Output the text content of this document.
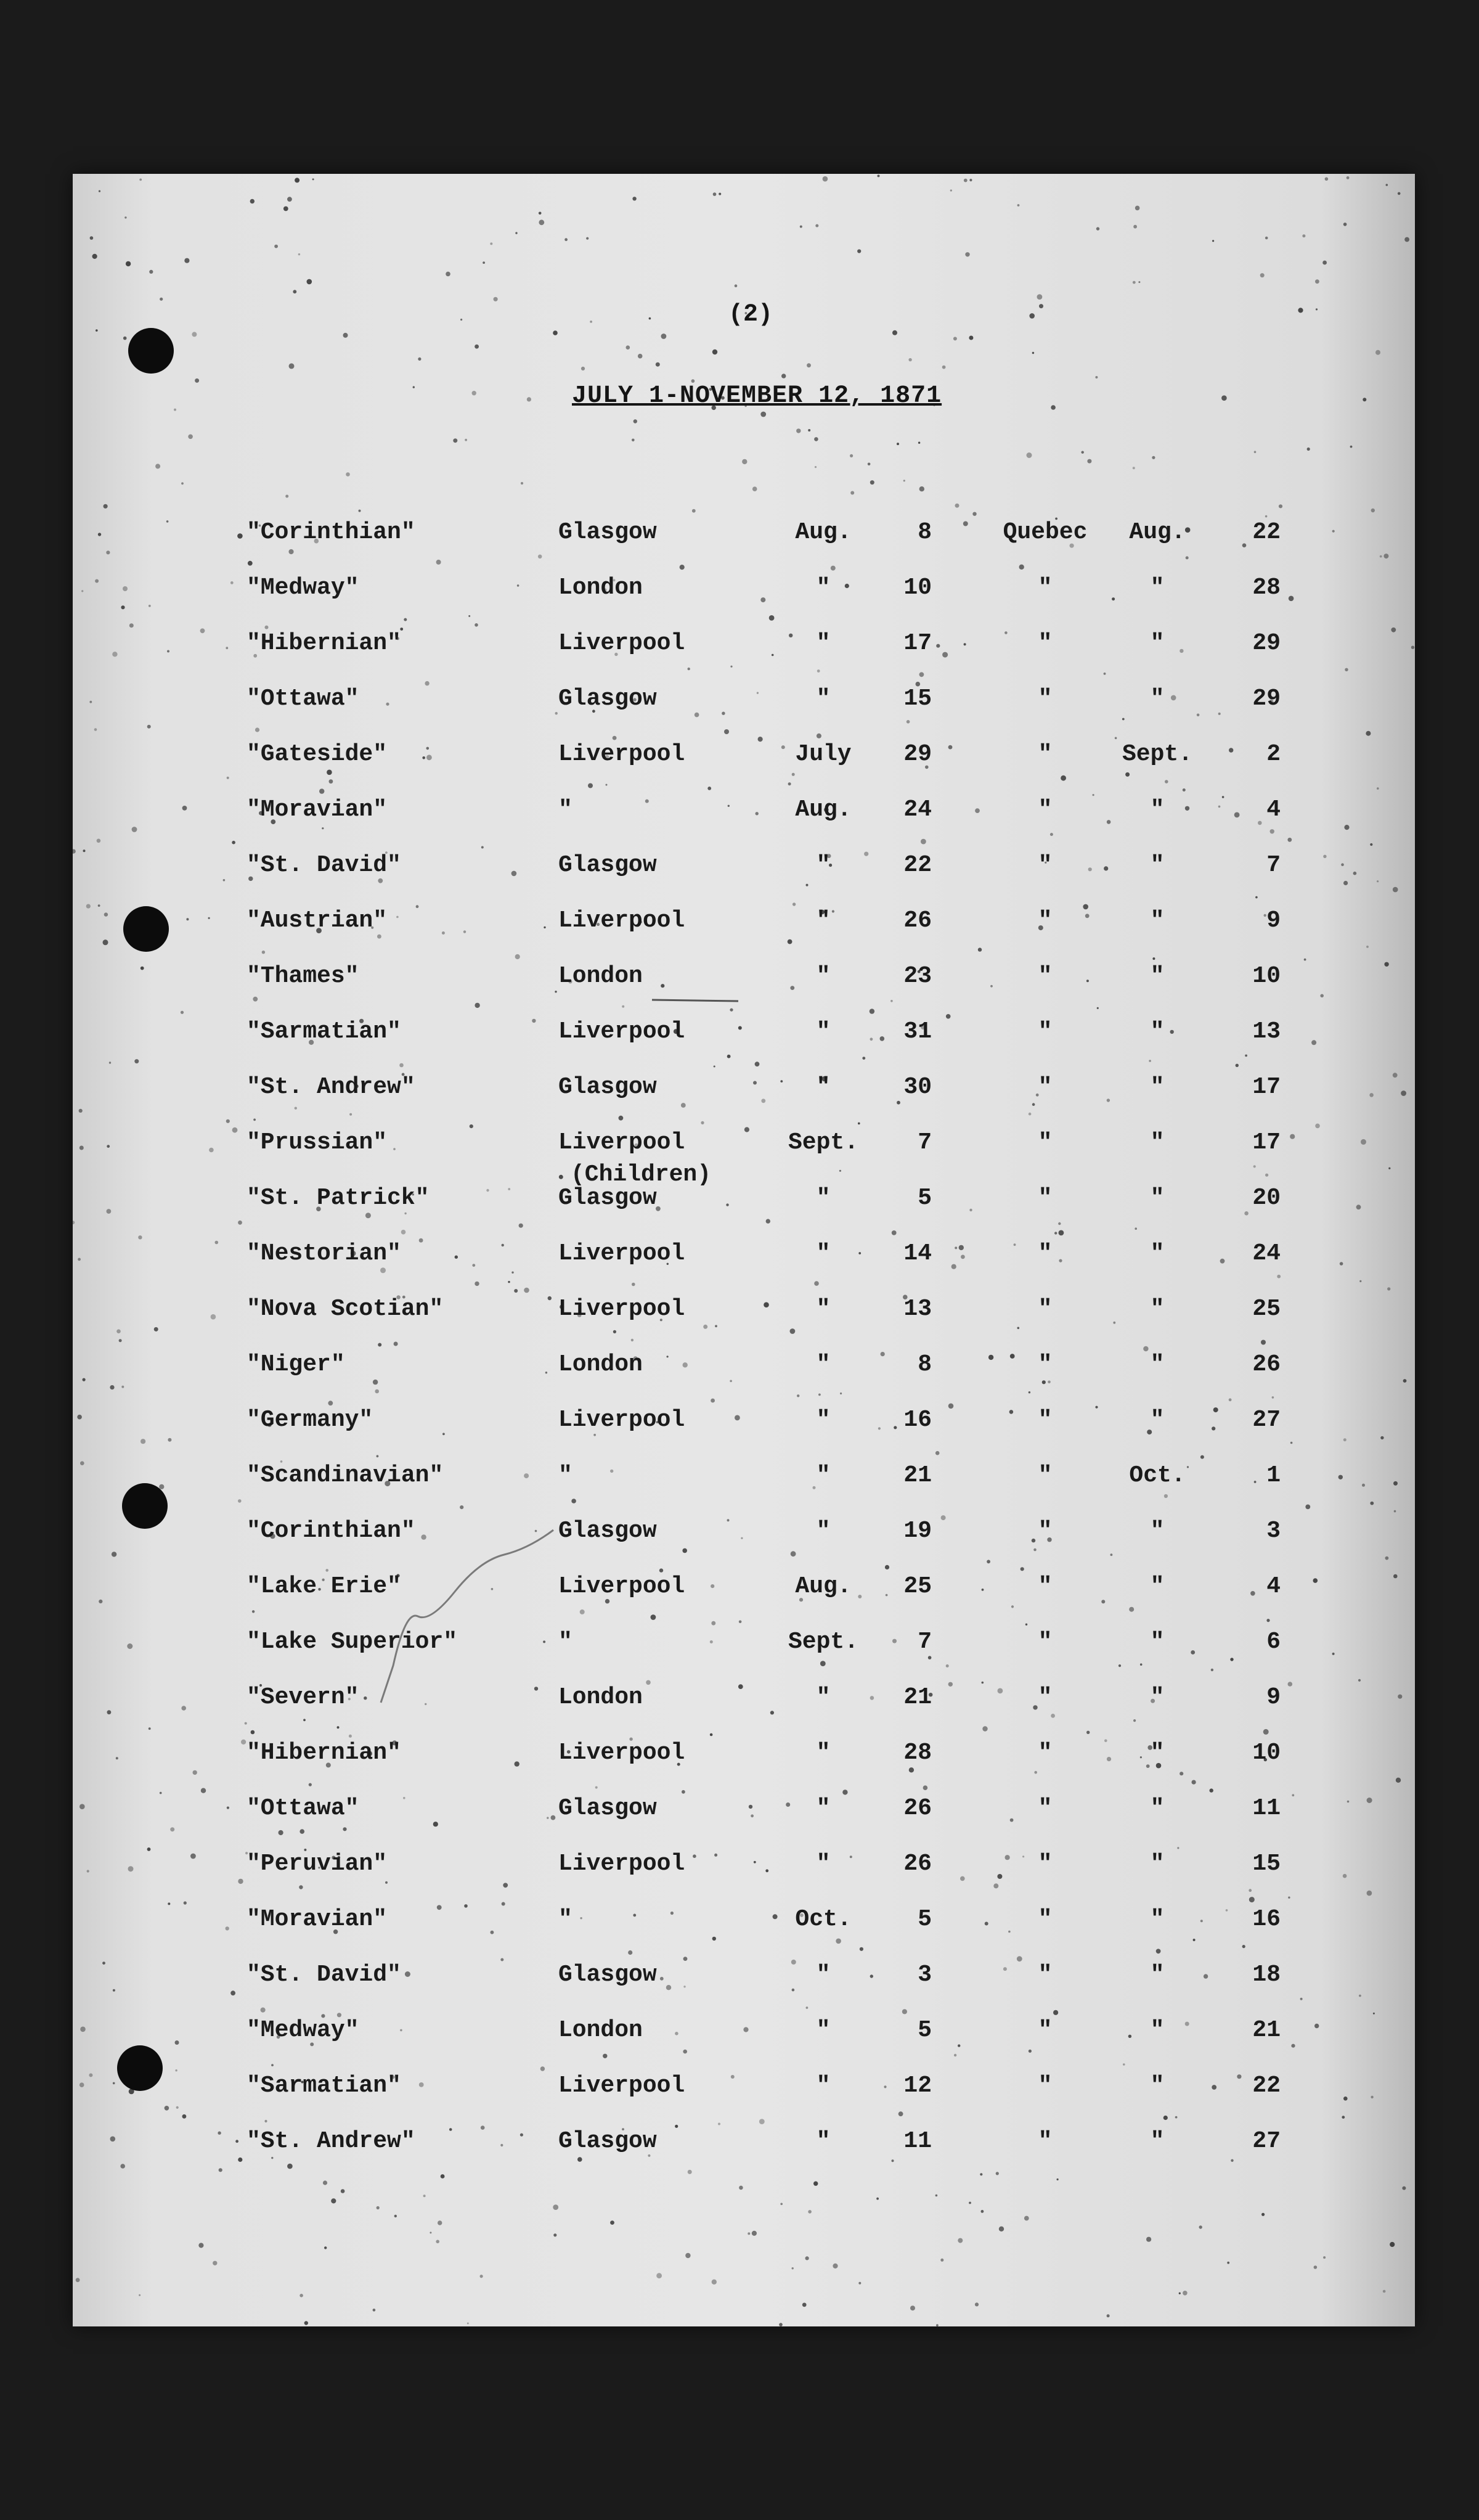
(2)
JULY 1-NOVEMBER 12, 1871
"Corinthian"	Glasgow	Aug.	8	Quebec	Aug.	22
"Medway"	London	"	10	"	"	28
"Hibernian"	Liverpool	"	17	"	"	29
"Ottawa"	Glasgow	"	15	"	"	29
"Gateside"	Liverpool	July	29	"	Sept.	2
"Moravian"	"	Aug.	24	"	"	4
"St. David"	Glasgow	"	22	"	"	7
"Austrian"	Liverpool	"	26	"	"	9
"Thames"	London	"	23	"	"	10
"Sarmatian"	Liverpool	"	31	"	"	13
"St. Andrew"	Glasgow	"	30	"	"	17
"Prussian"	Liverpool	Sept.	7	"	"	17
(Children)
"St. Patrick"	Glasgow	"	5	"	"	20
"Nestorian"	Liverpool	"	14	"	"	24
"Nova Scotian"	Liverpool	"	13	"	"	25
"Niger"	London	"	8	"	"	26
"Germany"	Liverpool	"	16	"	"	27
"Scandinavian"	"	"	21	"	Oct.	1
"Corinthian"	Glasgow	"	19	"	"	3
"Lake Erie"	Liverpool	Aug.	25	"	"	4
"Lake Superior"	"	Sept.	7	"	"	6
"Severn"	London	"	21	"	"	9
"Hibernian"	Liverpool	"	28	"	"	10
"Ottawa"	Glasgow	"	26	"	"	11
"Peruvian"	Liverpool	"	26	"	"	15
"Moravian"	"	Oct.	5	"	"	16
"St. David"	Glasgow	"	3	"	"	18
"Medway"	London	"	5	"	"	21
"Sarmatian"	Liverpool	"	12	"	"	22
"St. Andrew"	Glasgow	"	11	"	"	27
